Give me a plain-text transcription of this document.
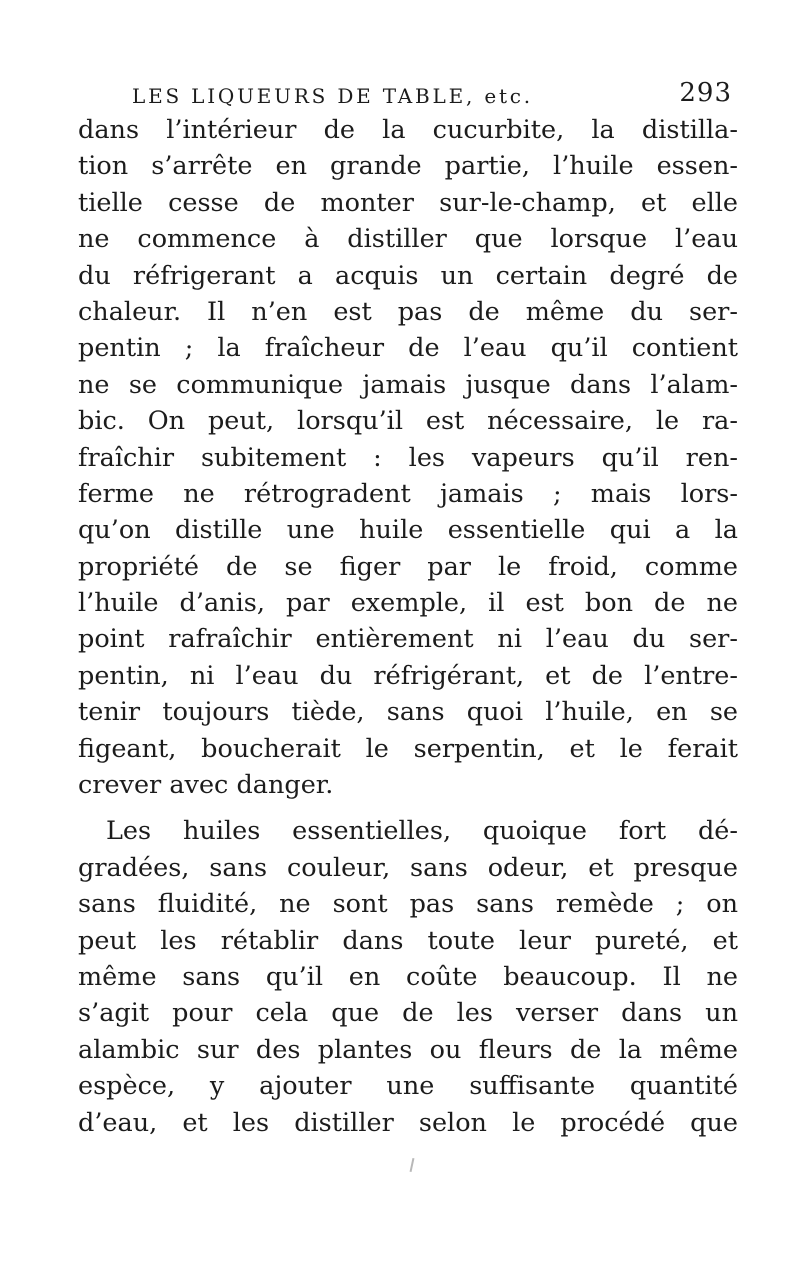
LES LIQUEURS DE TABLE, etc.	293
dans l’intérieur de la cucurbite, la distilla-
tion s’arrête en grande partie, l’huile essen-
tielle cesse de monter sur-le-champ, et elle
ne commence à distiller que lorsque l’eau
du réfrigerant a acquis un certain degré de
chaleur. Il n’en est pas de même du ser-
pentin ; la fraîcheur de l’eau qu’il contient
ne se communique jamais jusque dans l’alam-
bic. On peut, lorsqu’il est nécessaire, le ra-
fraîchir subitement : les vapeurs qu’il ren-
ferme ne rétrogradent jamais ; mais lors-
qu’on distille une huile essentielle qui a la
propriété de se figer par le froid, comme
l’huile d’anis, par exemple, il est bon de ne
point rafraîchir entièrement ni l’eau du ser-
pentin, ni l’eau du réfrigérant, et de l’entre-
tenir toujours tiède, sans quoi l’huile, en se
figeant, boucherait le serpentin, et le ferait
crever avec danger.
Les huiles essentielles, quoique fort dé-
gradées, sans couleur, sans odeur, et presque
sans fluidité, ne sont pas sans remède ; on
peut les rétablir dans toute leur pureté, et
même sans qu’il en coûte beaucoup. Il ne
s’agit pour cela que de les verser dans un
alambic sur des plantes ou fleurs de la même
espèce, y ajouter une suffisante quantité
d’eau, et les distiller selon le procédé que
